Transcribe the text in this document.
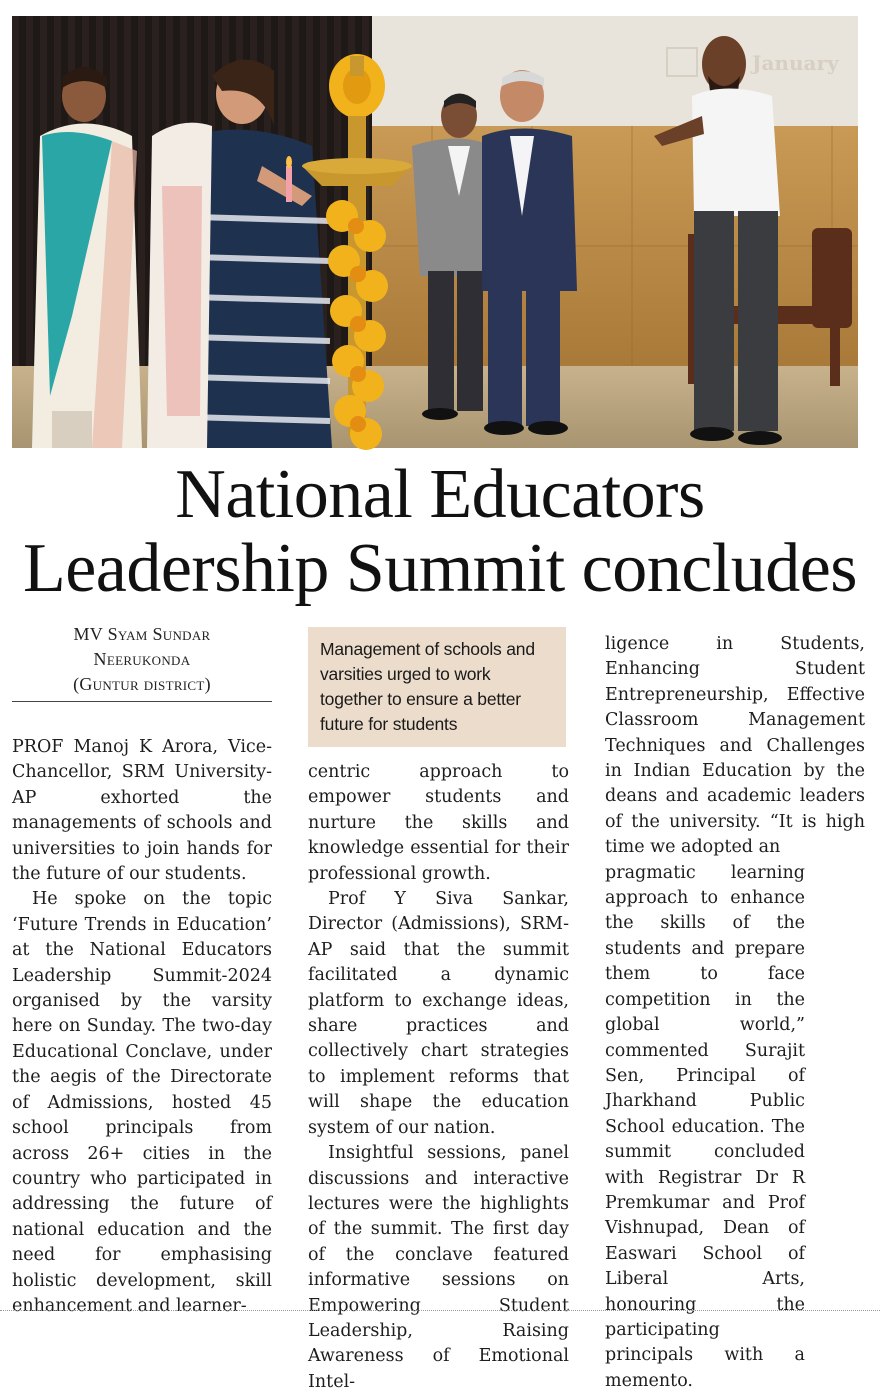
January
National Educators
Leadership Summit concludes
MV Syam Sundar
Neerukonda
(Guntur district)
Management of schools and varsities urged to work together to ensure a better future for students

PROF Manoj K Arora, Vice-Chancellor, SRM University-AP exhorted the managements of schools and universities to join hands for the future of our students.

He spoke on the topic ‘Future Trends in Education’ at the National Educators Leadership Summit-2024 organised by the varsity here on Sunday. The two-day Educational Conclave, under the aegis of the Directorate of Admissions, hosted 45 school principals from across 26+ cities in the country who participated in addressing the future of national education and the need for emphasising holistic development, skill enhancement and learner-

centric approach to empower students and nurture the skills and knowledge essential for their professional growth.

Prof Y Siva Sankar, Director (Admissions), SRM-AP said that the summit facilitated a dynamic platform to exchange ideas, share practices and collectively chart strategies to implement reforms that will shape the education system of our nation.

Insightful sessions, panel discussions and interactive lectures were the highlights of the summit. The first day of the conclave featured informative sessions on Empowering Student Leadership, Raising Awareness of Emotional Intel-

ligence in Students, Enhancing Student Entrepreneurship, Effective Classroom Management Techniques and Challenges in Indian Education by the deans and academic leaders of the university. “It is high time we adopted an

pragmatic learning approach to enhance the skills of the students and prepare them to face competition in the global world,” commented Surajit Sen, Principal of Jharkhand Public School education. The summit concluded with Registrar Dr R Premkumar and Prof Vishnupad, Dean of Easwari School of Liberal Arts, honouring the participating principals with a memento.
